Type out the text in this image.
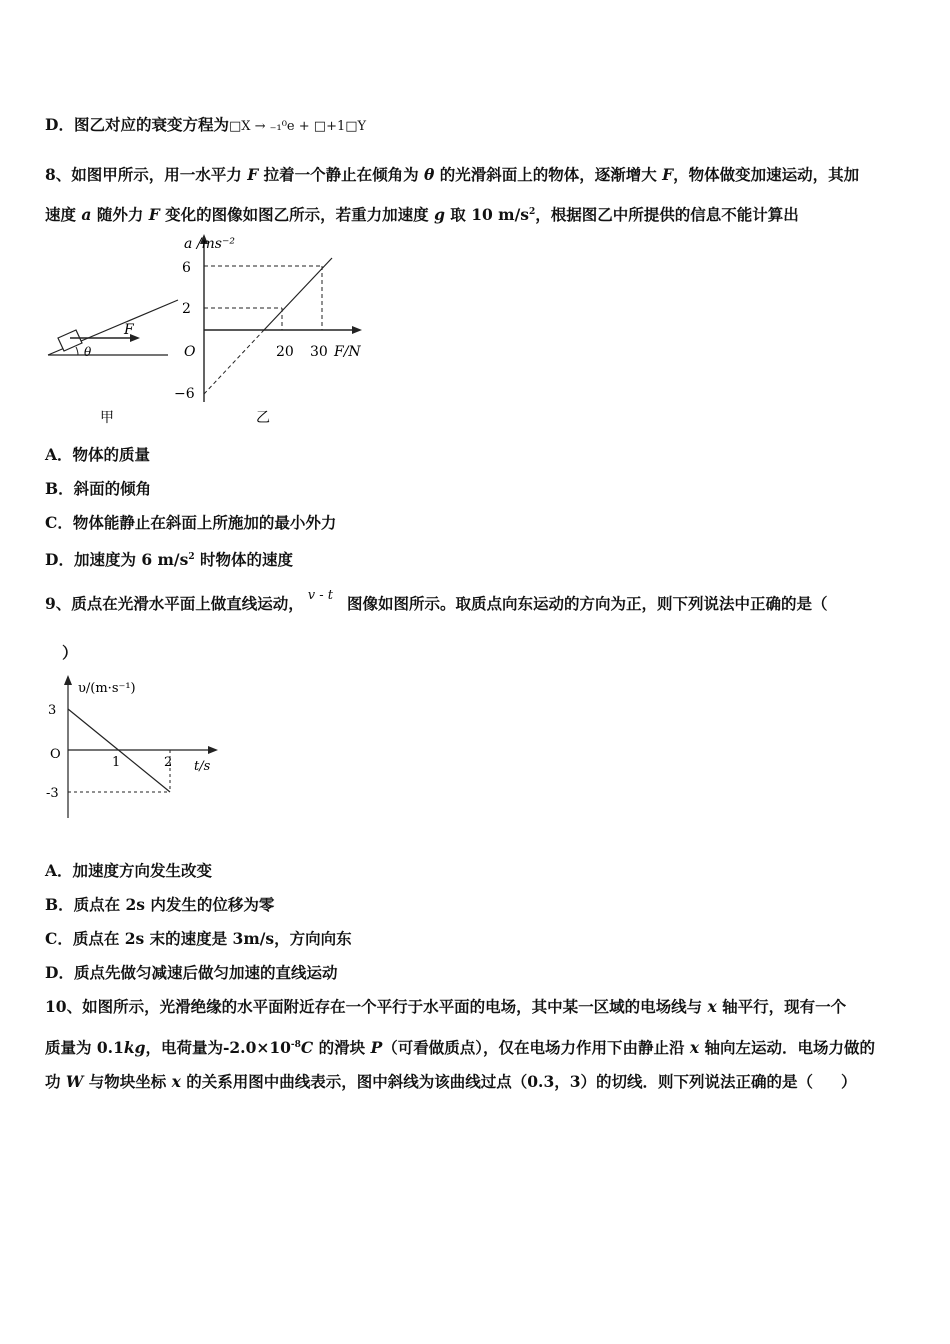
D．图乙对应的衰变方程为□X → ₋₁⁰e + □+1□Y
8、如图甲所示，用一水平力 F 拉着一个静止在倾角为 θ 的光滑斜面上的物体，逐渐增大 F，物体做变加速运动，其加
速度 a 随外力 F 变化的图像如图乙所示，若重力加速度 g 取 10 $m/s^2$，根据图乙中所提供的信息不能计算出
F
θ
甲
a /ms⁻²
6
2
O
−6
20 30 F/N
乙
A．物体的质量
B．斜面的倾角
C．物体能静止在斜面上所施加的最小外力
D．加速度为 6 $m/s^2$ 时物体的速度
9、质点在光滑水平面上做直线运动， $^{v - t}$ 图像如图所示。取质点向东运动的方向为正，则下列说法中正确的是（
）
υ/(m·s⁻¹)
3
O
-3
1	2 t/s
A．加速度方向发生改变
B．质点在 2s 内发生的位移为零
C．质点在 2s 末的速度是 3m/s，方向向东
D．质点先做匀减速后做匀加速的直线运动
10、如图所示，光滑绝缘的水平面附近存在一个平行于水平面的电场，其中某一区域的电场线与 x 轴平行，现有一个
质量为 0.1kg，电荷量为$-2.0\times 10^{-8}C$ 的滑块 P（可看做质点），仅在电场力作用下由静止沿 x 轴向左运动．电场力做的
功 W 与物块坐标 x 的关系用图中曲线表示，图中斜线为该曲线过点（0.3，3）的切线．则下列说法正确的是（ ）
